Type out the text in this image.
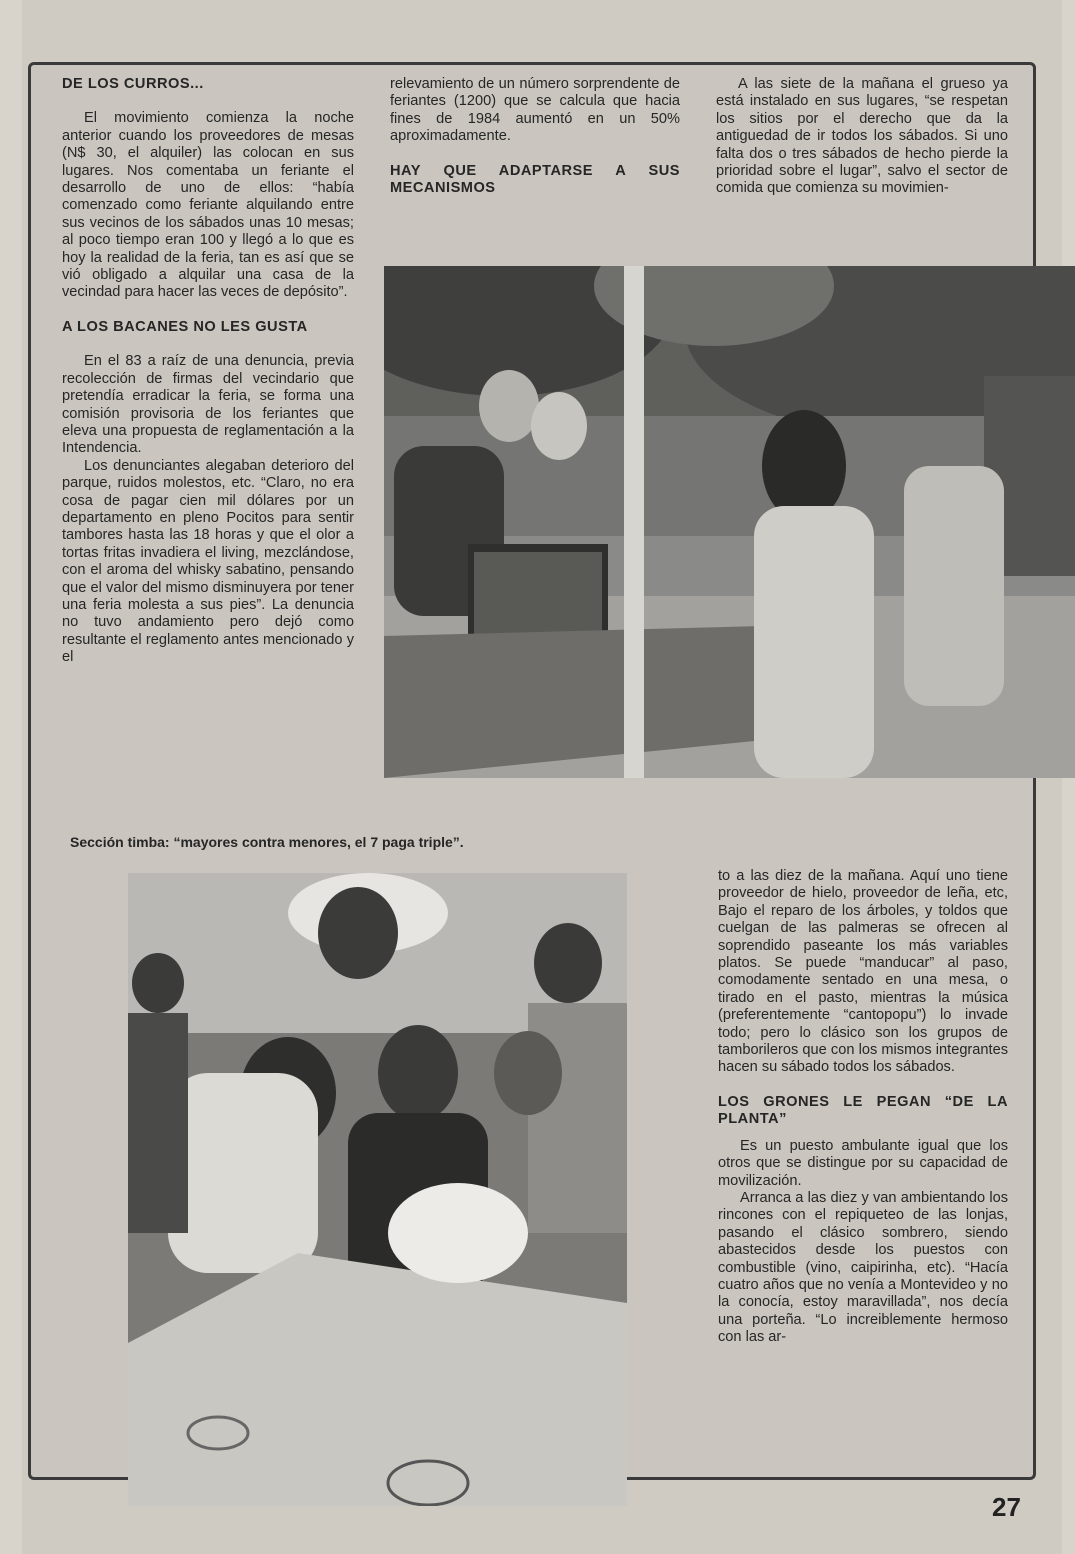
DE LOS CURROS...

El movimiento comienza la noche anterior cuando los proveedores de mesas (N$ 30, el alquiler) las colocan en sus lugares. Nos comentaba un feriante el desarrollo de uno de ellos: “había comenzado como feriante alquilando entre sus vecinos de los sábados unas 10 mesas; al poco tiempo eran 100 y llegó a lo que es hoy la realidad de la feria, tan es así que se vió obligado a alquilar una casa de la vecindad para hacer las veces de depósito”.

A LOS BACANES NO LES GUSTA

En el 83 a raíz de una denuncia, previa recolección de firmas del vecindario que pretendía erradicar la feria, se forma una comisión provisoria de los feriantes que eleva una propuesta de reglamentación a la Intendencia.

Los denunciantes alegaban deterioro del parque, ruidos molestos, etc. “Claro, no era cosa de pagar cien mil dólares por un departamento en pleno Pocitos para sentir tambores hasta las 18 horas y que el olor a tortas fritas invadiera el living, mezclándose, con el aroma del whisky sabatino, pensando que el valor del mismo disminuyera por tener una feria molesta a sus pies”. La denuncia no tuvo andamiento pero dejó como resultante el reglamento antes mencionado y el

relevamiento de un número sorprendente de feriantes (1200) que se calcula que hacia fines de 1984 aumentó en un 50% aproximadamente.

HAY QUE ADAPTARSE A SUS MECANISMOS

A las siete de la mañana el grueso ya está instalado en sus lugares, “se respetan los sitios por el derecho que da la antiguedad de ir todos los sábados. Si uno falta dos o tres sábados de hecho pierde la prioridad sobre el lugar”, salvo el sector de comida que comienza su movimien-

Sección timba: “mayores contra menores, el 7 paga triple”.

to a las diez de la mañana. Aquí uno tiene proveedor de hielo, proveedor de leña, etc, Bajo el reparo de los árboles, y toldos que cuelgan de las palmeras se ofrecen al soprendido paseante los más variables platos. Se puede “manducar” al paso, comodamente sentado en una mesa, o tirado en el pasto, mientras la música (preferentemente “cantopopu”) lo invade todo; pero lo clásico son los grupos de tamborileros que con los mismos integrantes hacen su sábado todos los sábados.

LOS GRONES LE PEGAN “DE LA PLANTA”

Es un puesto ambulante igual que los otros que se distingue por su capacidad de movilización.

Arranca a las diez y van ambientando los rincones con el repiqueteo de las lonjas, pasando el clásico sombrero, siendo abastecidos desde los puestos con combustible (vino, caipirinha, etc). “Hacía cuatro años que no venía a Montevideo y no la conocía, estoy maravillada”, nos decía una porteña. “Lo increiblemente hermoso con las ar-

27
